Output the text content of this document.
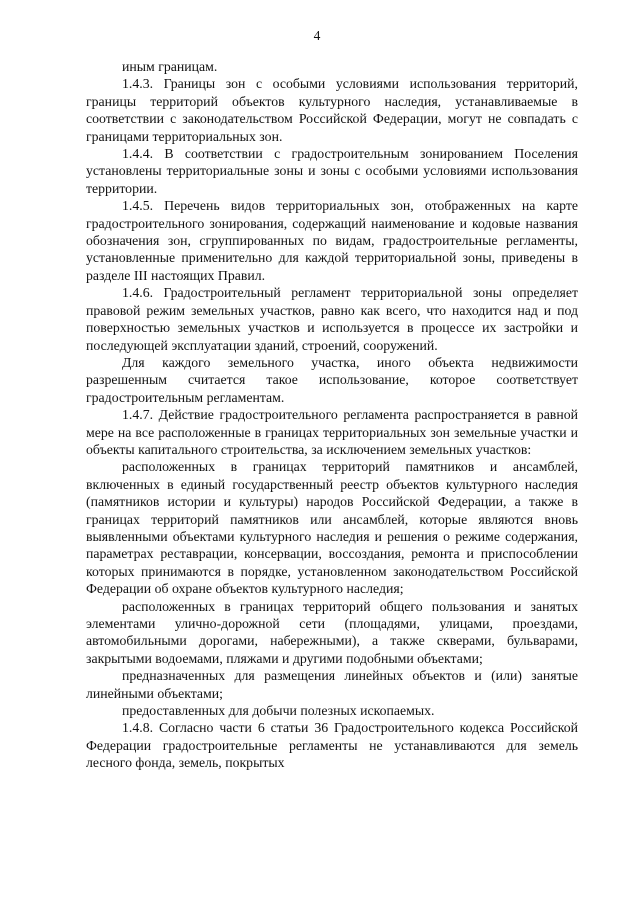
4

иным границам.

1.4.3. Границы зон с особыми условиями использования территорий, границы территорий объектов культурного наследия, устанавливаемые в соответствии с законодательством Российской Федерации, могут не совпадать с границами территориальных зон.

1.4.4. В соответствии с градостроительным зонированием Поселения установлены территориальные зоны и зоны с особыми условиями использования территории.

1.4.5. Перечень видов территориальных зон, отображенных на карте градостроительного зонирования, содержащий наименование и кодовые названия обозначения зон, сгруппированных по видам, градостроительные регламенты, установленные применительно для каждой территориальной зоны, приведены в разделе III настоящих Правил.

1.4.6. Градостроительный регламент территориальной зоны определяет правовой режим земельных участков, равно как всего, что находится над и под поверхностью земельных участков и используется в процессе их застройки и последующей эксплуатации зданий, строений, сооружений.

Для каждого земельного участка, иного объекта недвижимости разрешенным считается такое использование, которое соответствует градостроительным регламентам.

1.4.7. Действие градостроительного регламента распространяется в равной мере на все расположенные в границах территориальных зон земельные участки и объекты капитального строительства, за исключением земельных участков:

расположенных в границах территорий памятников и ансамблей, включенных в единый государственный реестр объектов культурного наследия (памятников истории и культуры) народов Российской Федерации, а также в границах территорий памятников или ансамблей, которые являются вновь выявленными объектами культурного наследия и решения о режиме содержания, параметрах реставрации, консервации, воссоздания, ремонта и приспособлении которых принимаются в порядке, установленном законодательством Российской Федерации об охране объектов культурного наследия;

расположенных в границах территорий общего пользования и занятых элементами улично-дорожной сети (площадями, улицами, проездами, автомобильными дорогами, набережными), а также скверами, бульварами, закрытыми водоемами, пляжами и другими подобными объектами;

предназначенных для размещения линейных объектов и (или) занятые линейными объектами;

предоставленных для добычи полезных ископаемых.

1.4.8. Согласно части 6 статьи 36 Градостроительного кодекса Российской Федерации градостроительные регламенты не устанавливаются для земель лесного фонда, земель, покрытых
